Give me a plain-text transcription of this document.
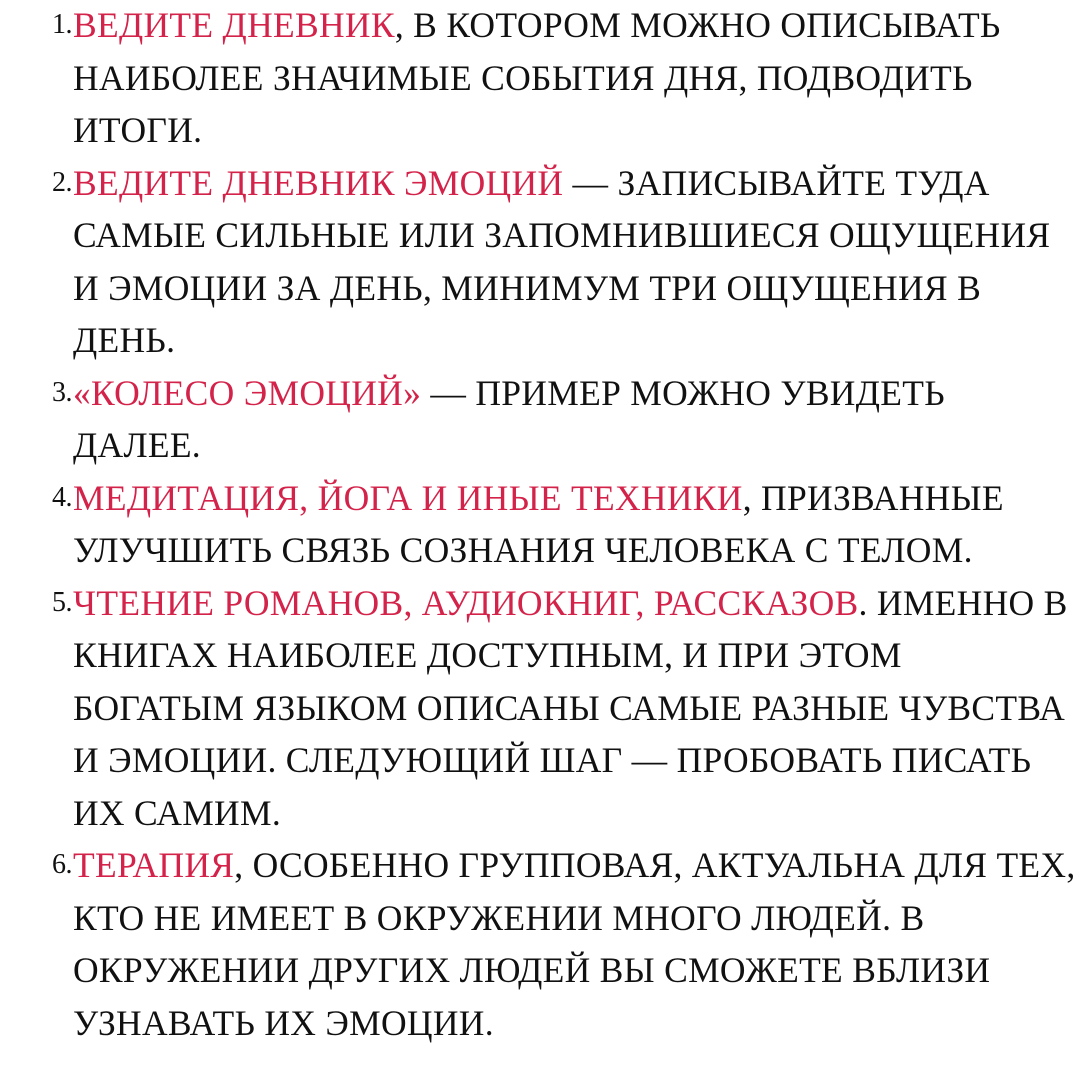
1. ВЕДИТЕ ДНЕВНИК, В КОТОРОМ МОЖНО ОПИСЫВАТЬ НАИБОЛЕЕ ЗНАЧИМЫЕ СОБЫТИЯ ДНЯ, ПОДВОДИТЬ ИТОГИ.
2. ВЕДИТЕ ДНЕВНИК ЭМОЦИЙ — ЗАПИСЫВАЙТЕ ТУДА САМЫЕ СИЛЬНЫЕ ИЛИ ЗАПОМНИВШИЕСЯ ОЩУЩЕНИЯ И ЭМОЦИИ ЗА ДЕНЬ, МИНИМУМ ТРИ ОЩУЩЕНИЯ В ДЕНЬ.
3. «КОЛЕСО ЭМОЦИЙ» — ПРИМЕР МОЖНО УВИДЕТЬ ДАЛЕЕ.
4. МЕДИТАЦИЯ, ЙОГА И ИНЫЕ ТЕХНИКИ, ПРИЗВАННЫЕ УЛУЧШИТЬ СВЯЗЬ СОЗНАНИЯ ЧЕЛОВЕКА С ТЕЛОМ.
5. ЧТЕНИЕ РОМАНОВ, АУДИОКНИГ, РАССКАЗОВ. ИМЕННО В КНИГАХ НАИБОЛЕЕ ДОСТУПНЫМ, И ПРИ ЭТОМ БОГАТЫМ ЯЗЫКОМ ОПИСАНЫ САМЫЕ РАЗНЫЕ ЧУВСТВА И ЭМОЦИИ. СЛЕДУЮЩИЙ ШАГ — ПРОБОВАТЬ ПИСАТЬ ИХ САМИМ.
6. ТЕРАПИЯ, ОСОБЕННО ГРУППОВАЯ, АКТУАЛЬНА ДЛЯ ТЕХ, КТО НЕ ИМЕЕТ В ОКРУЖЕНИИ МНОГО ЛЮДЕЙ. В ОКРУЖЕНИИ ДРУГИХ ЛЮДЕЙ ВЫ СМОЖЕТЕ ВБЛИЗИ УЗНАВАТЬ ИХ ЭМОЦИИ.
